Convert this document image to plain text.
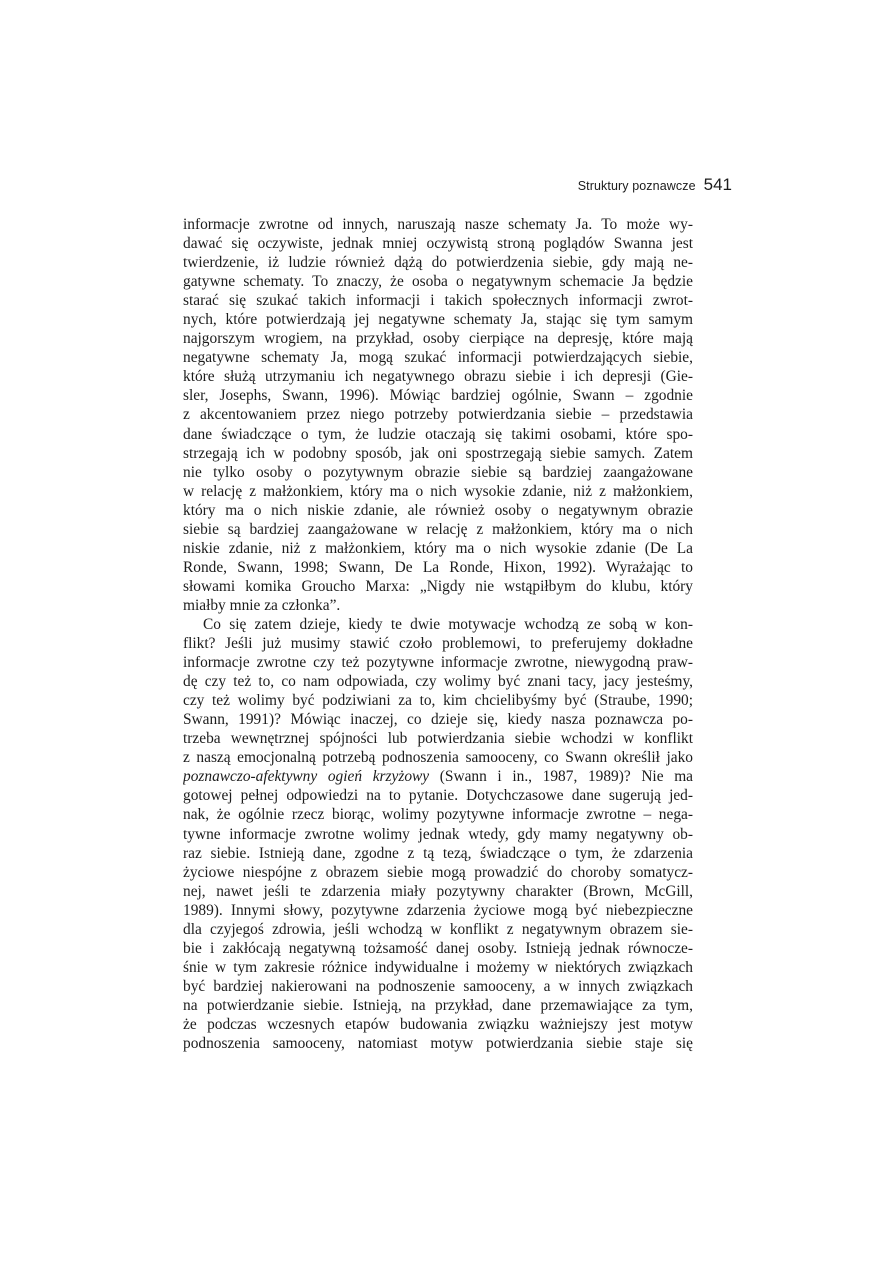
Struktury poznawcze 541
informacje zwrotne od innych, naruszają nasze schematy Ja. To może wy-
dawać się oczywiste, jednak mniej oczywistą stroną poglądów Swanna jest
twierdzenie, iż ludzie również dążą do potwierdzenia siebie, gdy mają ne-
gatywne schematy. To znaczy, że osoba o negatywnym schemacie Ja będzie
starać się szukać takich informacji i takich społecznych informacji zwrot-
nych, które potwierdzają jej negatywne schematy Ja, stając się tym samym
najgorszym wrogiem, na przykład, osoby cierpiące na depresję, które mają
negatywne schematy Ja, mogą szukać informacji potwierdzających siebie,
które służą utrzymaniu ich negatywnego obrazu siebie i ich depresji (Gie-
sler, Josephs, Swann, 1996). Mówiąc bardziej ogólnie, Swann – zgodnie
z akcentowaniem przez niego potrzeby potwierdzania siebie – przedstawia
dane świadczące o tym, że ludzie otaczają się takimi osobami, które spo-
strzegają ich w podobny sposób, jak oni spostrzegają siebie samych. Zatem
nie tylko osoby o pozytywnym obrazie siebie są bardziej zaangażowane
w relację z małżonkiem, który ma o nich wysokie zdanie, niż z małżonkiem,
który ma o nich niskie zdanie, ale również osoby o negatywnym obrazie
siebie są bardziej zaangażowane w relację z małżonkiem, który ma o nich
niskie zdanie, niż z małżonkiem, który ma o nich wysokie zdanie (De La
Ronde, Swann, 1998; Swann, De La Ronde, Hixon, 1992). Wyrażając to
słowami komika Groucho Marxa: „Nigdy nie wstąpiłbym do klubu, który
miałby mnie za członka”.
Co się zatem dzieje, kiedy te dwie motywacje wchodzą ze sobą w kon-
flikt? Jeśli już musimy stawić czoło problemowi, to preferujemy dokładne
informacje zwrotne czy też pozytywne informacje zwrotne, niewygodną praw-
dę czy też to, co nam odpowiada, czy wolimy być znani tacy, jacy jesteśmy,
czy też wolimy być podziwiani za to, kim chcielibyśmy być (Straube, 1990;
Swann, 1991)? Mówiąc inaczej, co dzieje się, kiedy nasza poznawcza po-
trzeba wewnętrznej spójności lub potwierdzania siebie wchodzi w konflikt
z naszą emocjonalną potrzebą podnoszenia samooceny, co Swann określił jako
poznawczo-afektywny ogień krzyżowy (Swann i in., 1987, 1989)? Nie ma
gotowej pełnej odpowiedzi na to pytanie. Dotychczasowe dane sugerują jed-
nak, że ogólnie rzecz biorąc, wolimy pozytywne informacje zwrotne – nega-
tywne informacje zwrotne wolimy jednak wtedy, gdy mamy negatywny ob-
raz siebie. Istnieją dane, zgodne z tą tezą, świadczące o tym, że zdarzenia
życiowe niespójne z obrazem siebie mogą prowadzić do choroby somatycz-
nej, nawet jeśli te zdarzenia miały pozytywny charakter (Brown, McGill,
1989). Innymi słowy, pozytywne zdarzenia życiowe mogą być niebezpieczne
dla czyjegoś zdrowia, jeśli wchodzą w konflikt z negatywnym obrazem sie-
bie i zakłócają negatywną tożsamość danej osoby. Istnieją jednak równocze-
śnie w tym zakresie różnice indywidualne i możemy w niektórych związkach
być bardziej nakierowani na podnoszenie samooceny, a w innych związkach
na potwierdzanie siebie. Istnieją, na przykład, dane przemawiające za tym,
że podczas wczesnych etapów budowania związku ważniejszy jest motyw
podnoszenia samooceny, natomiast motyw potwierdzania siebie staje się
